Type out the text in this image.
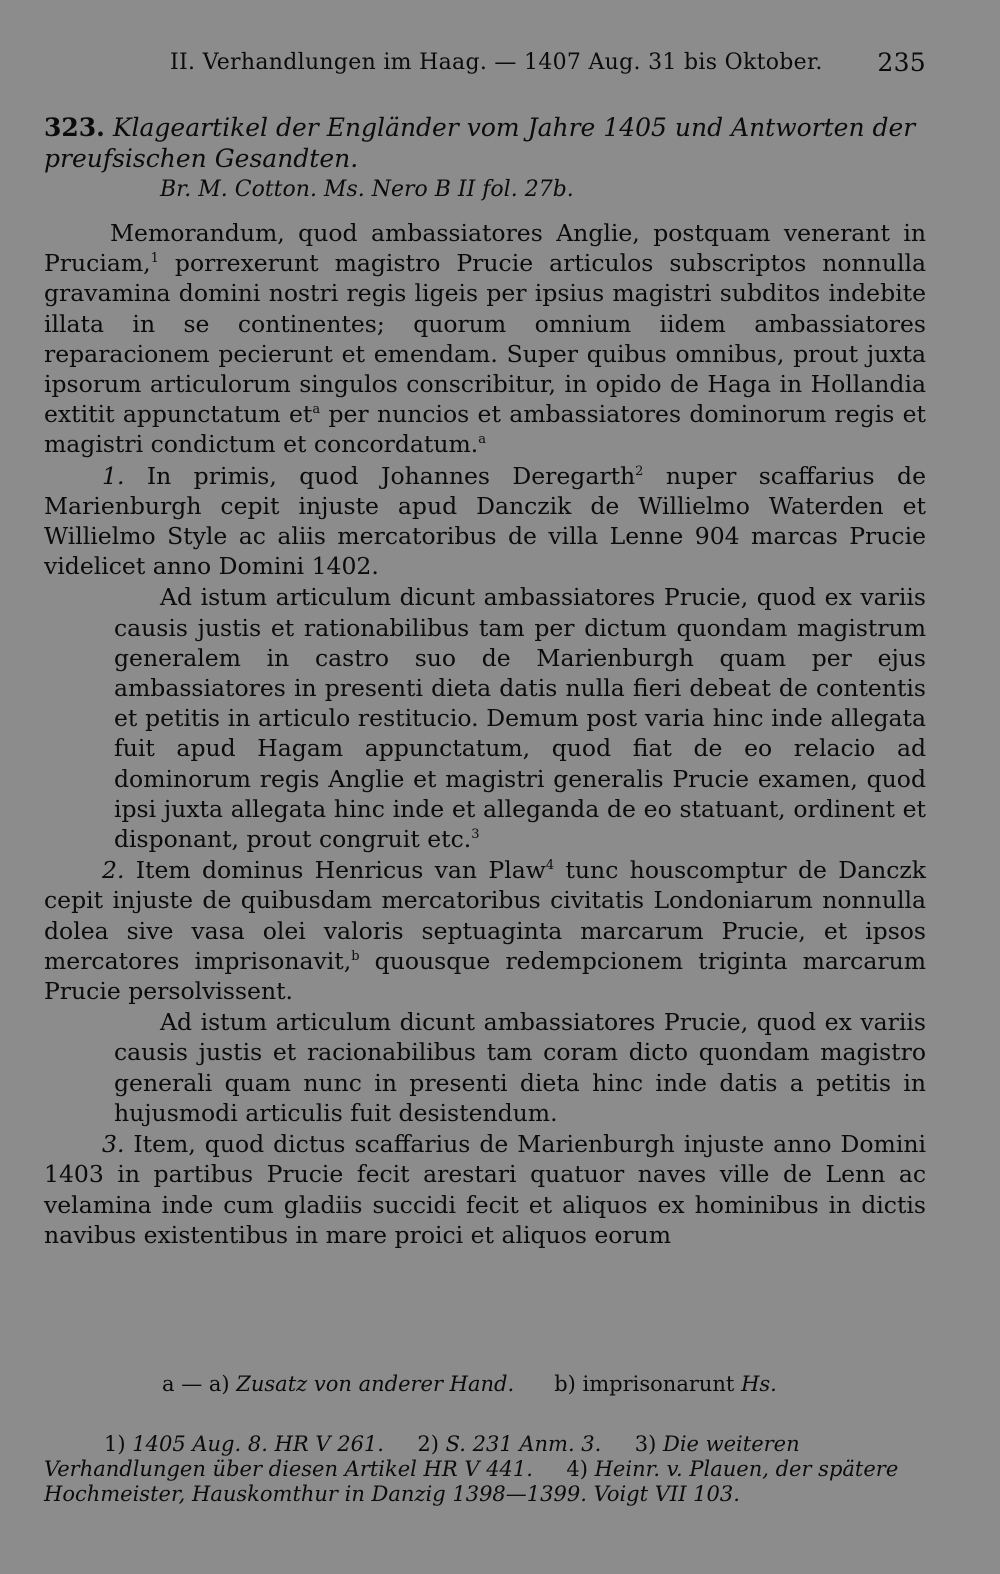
II. Verhandlungen im Haag. — 1407 Aug. 31 bis Oktober. 235
323. Klageartikel der Engländer vom Jahre 1405 und Antworten der preufsischen Gesandten.
Br. M. Cotton. Ms. Nero B II fol. 27b.

Memorandum, quod ambassiatores Anglie, postquam venerant in Pruciam,$^1$ porrexerunt magistro Prucie articulos subscriptos nonnulla gravamina domini nostri regis ligeis per ipsius magistri subditos indebite illata in se continentes; quorum omnium iidem ambassiatores reparacionem pecierunt et emendam. Super quibus omnibus, prout juxta ipsorum articulorum singulos conscribitur, in opido de Haga in Hollandia extitit appunctatum $et^a$ per nuncios et ambassiatores dominorum regis et magistri condictum et concordatum.$^a$

1. In primis, quod Johannes Deregarth$^2$ nuper scaffarius de Marienburgh cepit injuste apud Danczik de Willielmo Waterden et Willielmo Style ac aliis mercatoribus de villa Lenne 904 marcas Prucie videlicet anno Domini 1402.

Ad istum articulum dicunt ambassiatores Prucie, quod ex variis causis justis et rationabilibus tam per dictum quondam magistrum generalem in castro suo de Marienburgh quam per ejus ambassiatores in presenti dieta datis nulla fieri debeat de contentis et petitis in articulo restitucio. Demum post varia hinc inde allegata fuit apud Hagam appunctatum, quod fiat de eo relacio ad dominorum regis Anglie et magistri generalis Prucie examen, quod ipsi juxta allegata hinc inde et alleganda de eo statuant, ordinent et disponant, prout congruit etc.$^3$

2. Item dominus Henricus van Plaw$^4$ tunc houscomptur de Danczk cepit injuste de quibusdam mercatoribus civitatis Londoniarum nonnulla dolea sive vasa olei valoris septuaginta marcarum Prucie, et ipsos mercatores imprisonavit,$^b$ quousque redempcionem triginta marcarum Prucie persolvissent.

Ad istum articulum dicunt ambassiatores Prucie, quod ex variis causis justis et racionabilibus tam coram dicto quondam magistro generali quam nunc in presenti dieta hinc inde datis a petitis in hujusmodi articulis fuit desistendum.

3. Item, quod dictus scaffarius de Marienburgh injuste anno Domini 1403 in partibus Prucie fecit arestari quatuor naves ville de Lenn ac velamina inde cum gladiis succidi fecit et aliquos ex hominibus in dictis navibus existentibus in mare proici et aliquos eorum

a — a) Zusatz von anderer Hand. b) imprisonarunt Hs.

1) 1405 Aug. 8. HR V 261. 2) S. 231 Anm. 3. 3) Die weiteren Verhandlungen über diesen Artikel HR V 441. 4) Heinr. v. Plauen, der spätere Hochmeister, Hauskomthur in Danzig 1398—1399. Voigt VII 103.
